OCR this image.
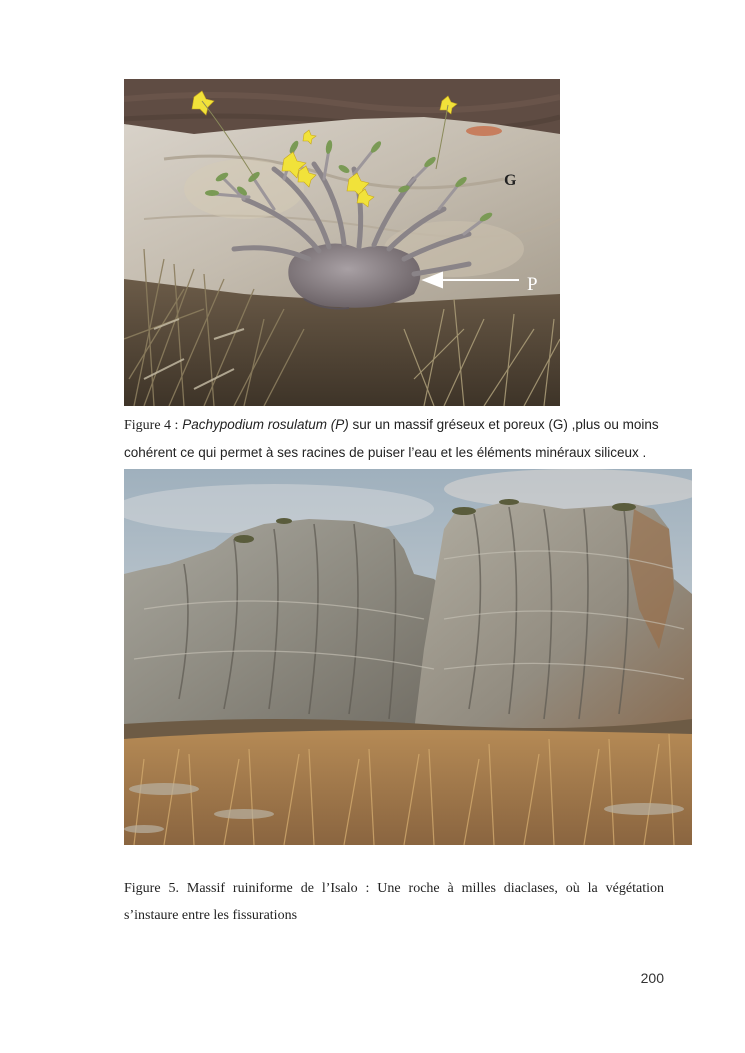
G
P
Figure 4 : Pachypodium rosulatum (P) sur un massif gréseux et poreux (G) ,plus ou moins
cohérent ce qui permet à ses racines de puiser l’eau et les éléments minéraux siliceux .
Figure 5. Massif ruiniforme de l’Isalo : Une roche à milles diaclases, où la végétation
s’instaure entre les fissurations
200
